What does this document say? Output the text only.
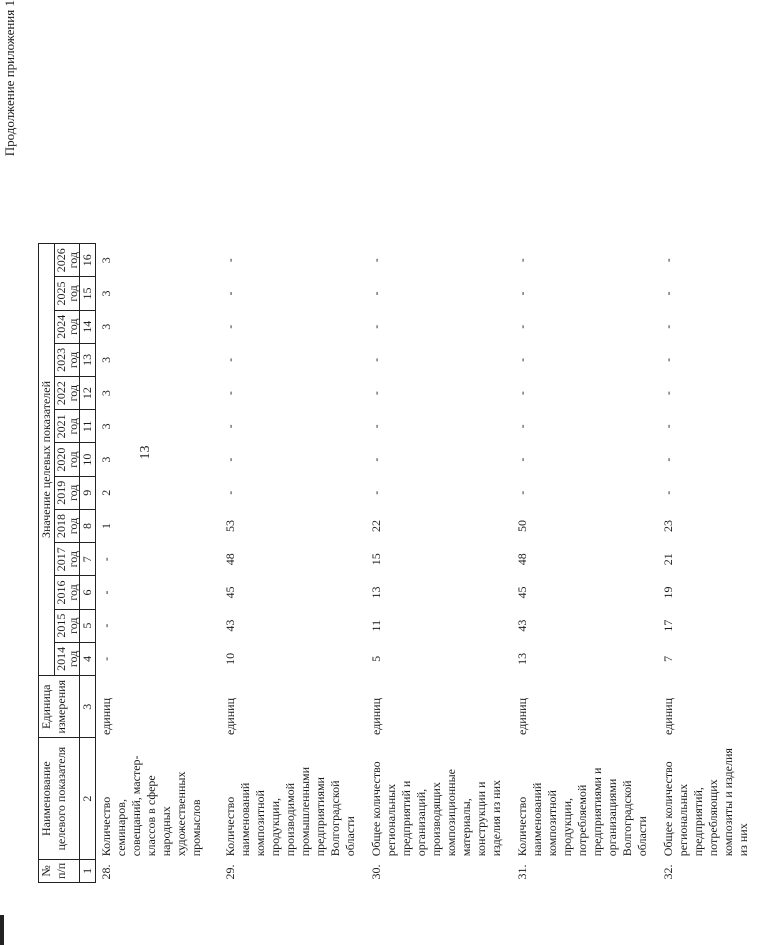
Продолжение приложения 1
13
№
п/п	Наименование целевого показателя	Единица измерения	Значение целевых показателей												
			2014 год	2015 год	2016 год	2017 год	2018 год	2019 год	2020 год	2021 год	2022 год	2023 год	2024 год	2025 год	2026 год
1	2	3	4	5	6	7	8	9	10	11	12	13	14	15	16
28.	Количество семинаров, совещаний, мастер-классов в сфере народных художественных промыслов	единиц	-	-	-	-	1	2	3	3	3	3	3	3	3

29.	Количество наименований композитной продукции, производимой промышленными предприятиями Волгоградской области	единиц	10	43	45	48	53	-	-	-	-	-	-	-	-
30.	Общее количество региональных предприятий и организаций, производящих композиционные материалы, конструкции и изделия из них	единиц	5	11	13	15	22	-	-	-	-	-	-	-	-
31.	Количество наименований композитной продукции, потребляемой предприятиями и организациями Волгоградской области	единиц	13	43	45	48	50	-	-	-	-	-	-	-	-
32.	Общее количество региональных предприятий, потребляющих композиты и изделия из них	единиц	7	17	19	21	23	-	-	-	-	-	-	-	-
